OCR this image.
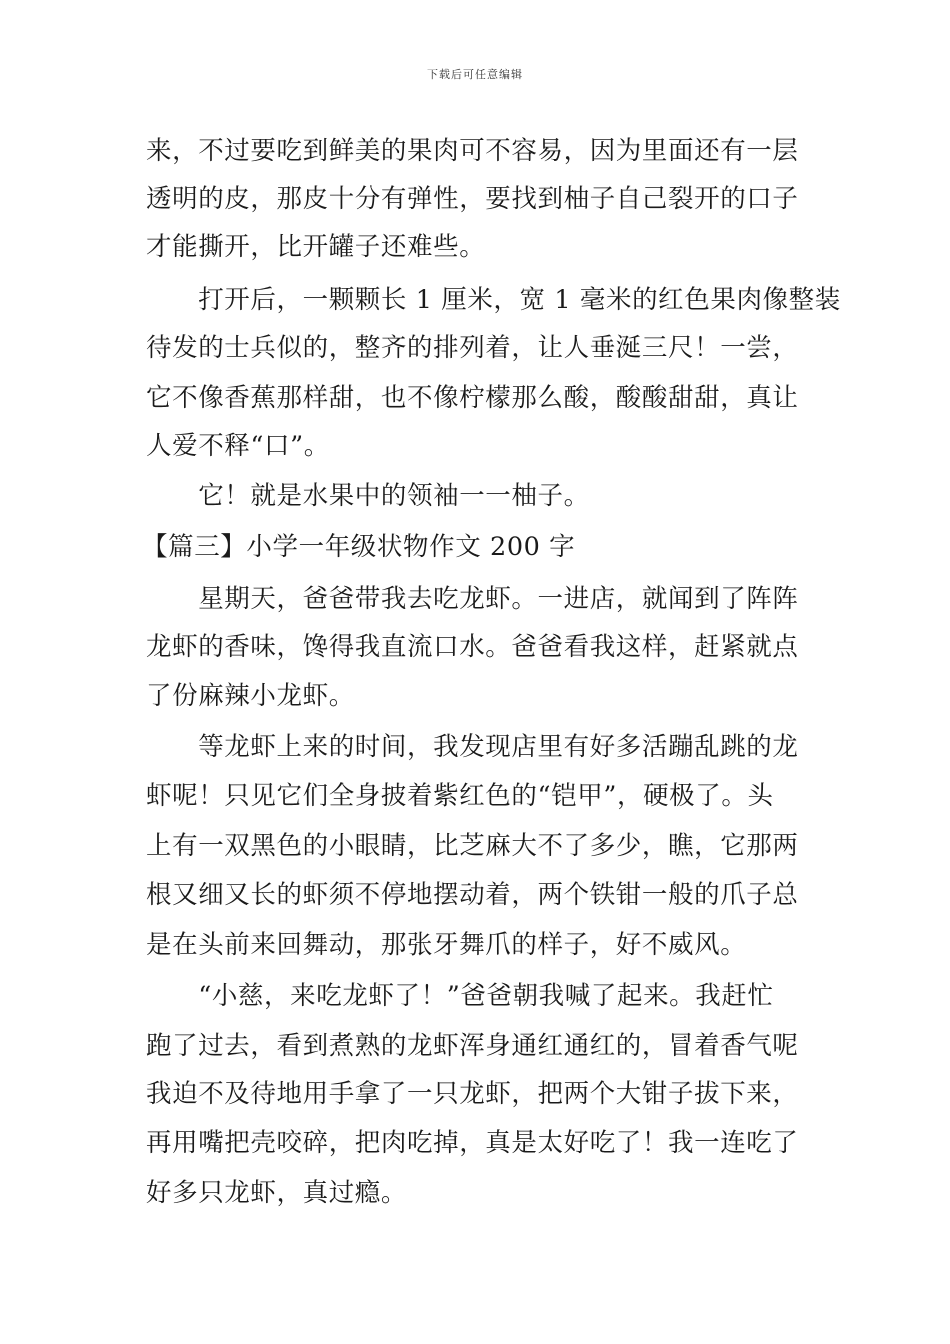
下载后可任意编辑
来，不过要吃到鲜美的果肉可不容易，因为里面还有一层
透明的皮，那皮十分有弹性，要找到柚子自己裂开的口子
才能撕开，比开罐子还难些。
　　打开后，一颗颗长 1 厘米，宽 1 毫米的红色果肉像整装
待发的士兵似的，整齐的排列着，让人垂涎三尺！一尝，
它不像香蕉那样甜，也不像柠檬那么酸，酸酸甜甜，真让
人爱不释“口”。
　　它！就是水果中的领袖一一柚子。
【篇三】小学一年级状物作文 200 字
　　星期天，爸爸带我去吃龙虾。一进店，就闻到了阵阵
龙虾的香味，馋得我直流口水。爸爸看我这样，赶紧就点
了份麻辣小龙虾。
　　等龙虾上来的时间，我发现店里有好多活蹦乱跳的龙
虾呢！只见它们全身披着紫红色的“铠甲”，硬极了。头
上有一双黑色的小眼睛，比芝麻大不了多少，瞧，它那两
根又细又长的虾须不停地摆动着，两个铁钳一般的爪子总
是在头前来回舞动，那张牙舞爪的样子，好不威风。
　　“小慈，来吃龙虾了！”爸爸朝我喊了起来。我赶忙
跑了过去，看到煮熟的龙虾浑身通红通红的，冒着香气呢
我迫不及待地用手拿了一只龙虾，把两个大钳子拔下来，
再用嘴把壳咬碎，把肉吃掉，真是太好吃了！我一连吃了
好多只龙虾，真过瘾。
